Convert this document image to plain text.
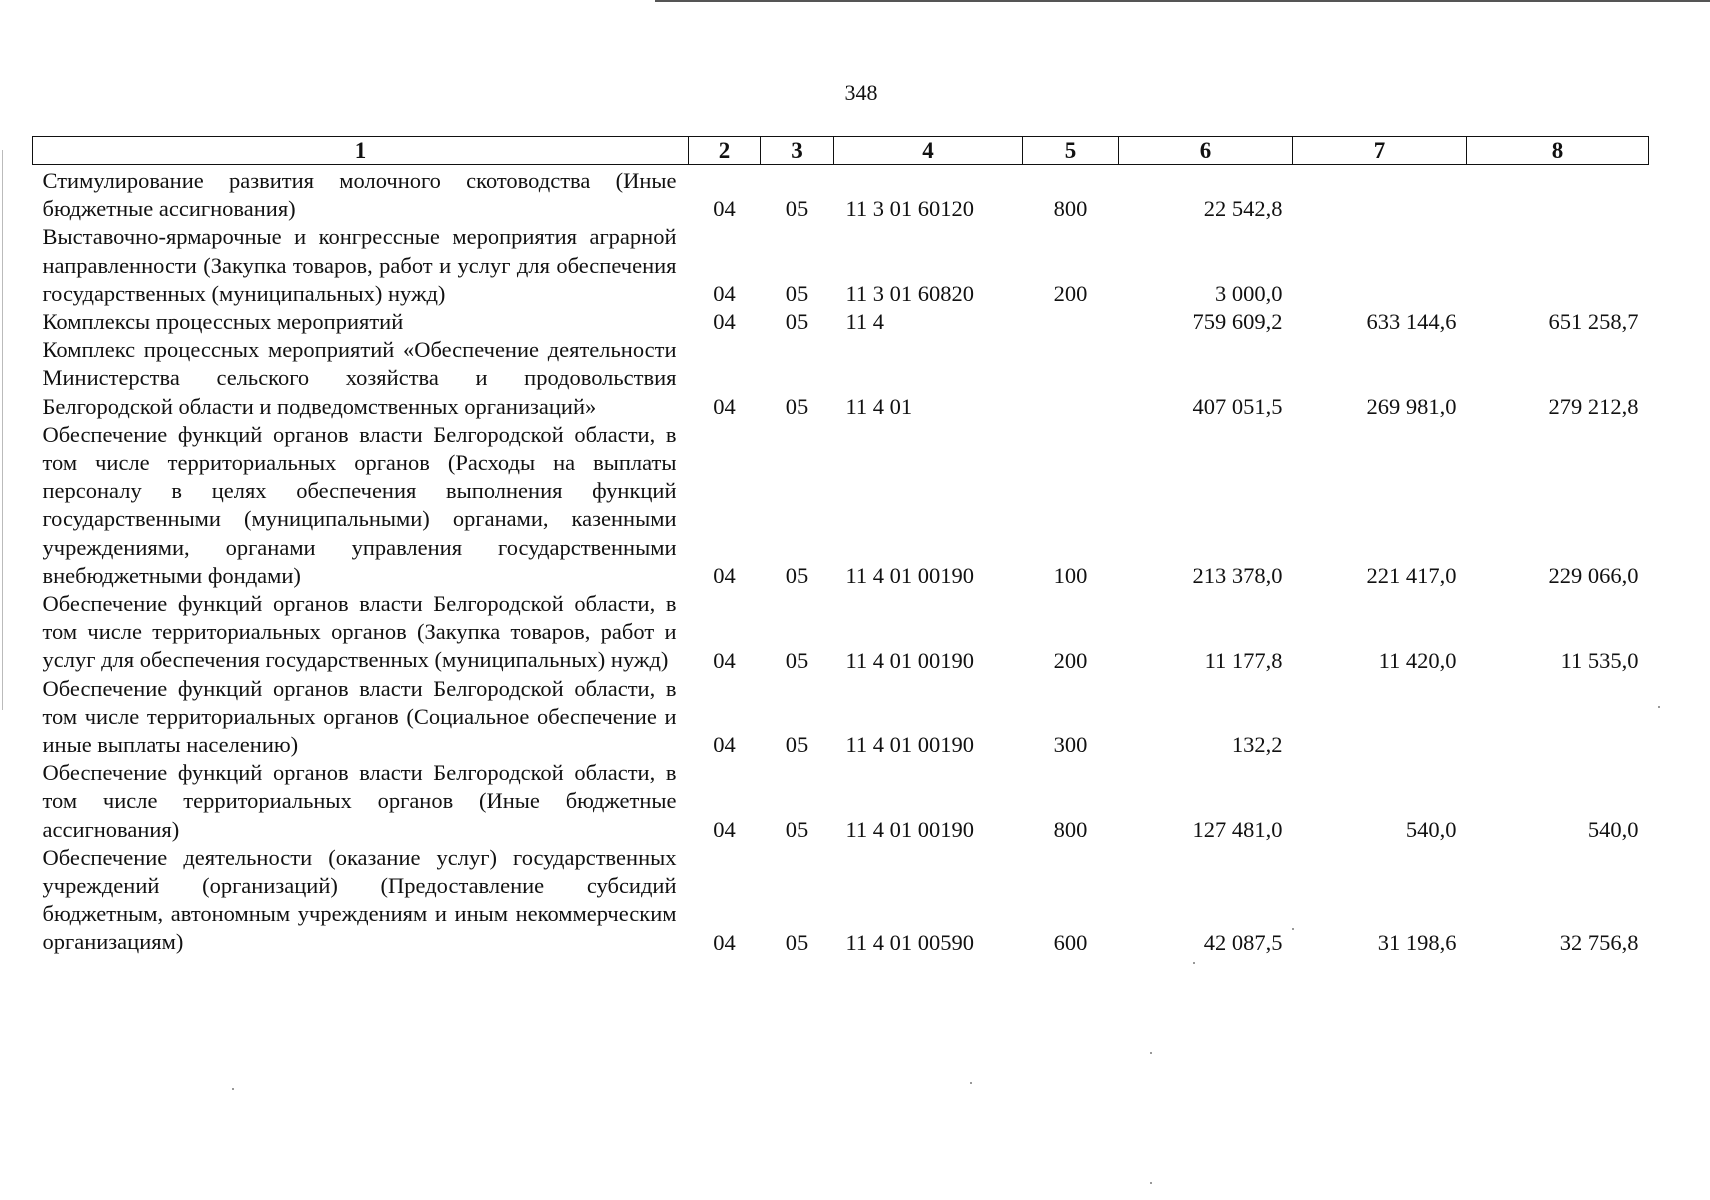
348
1	2	3	4	5	6	7	8
Стимулирование развития молочного скотоводства (Иные бюджетные ассигнования)	04	05	11 3 01 60120	800	22 542,8		
Выставочно-ярмарочные и конгрессные мероприятия аграрной направленности (Закупка товаров, работ и услуг для обеспечения государственных (муниципальных) нужд)	04	05	11 3 01 60820	200	3 000,0		
Комплексы процессных мероприятий	04	05	11 4		759 609,2	633 144,6	651 258,7
Комплекс процессных мероприятий «Обеспечение деятельности Министерства сельского хозяйства и продовольствия Белгородской области и подведомственных организаций»	04	05	11 4 01		407 051,5	269 981,0	279 212,8
Обеспечение функций органов власти Белгородской области, в том числе территориальных органов (Расходы на выплаты персоналу в целях обеспечения выполнения функций государственными (муниципальными) органами, казенными учреждениями, органами управления государственными внебюджетными фондами)	04	05	11 4 01 00190	100	213 378,0	221 417,0	229 066,0
Обеспечение функций органов власти Белгородской области, в том числе территориальных органов (Закупка товаров, работ и услуг для обеспечения государственных (муниципальных) нужд)	04	05	11 4 01 00190	200	11 177,8	11 420,0	11 535,0
Обеспечение функций органов власти Белгородской области, в том числе территориальных органов (Социальное обеспечение и иные выплаты населению)	04	05	11 4 01 00190	300	132,2		
Обеспечение функций органов власти Белгородской области, в том числе территориальных органов (Иные бюджетные ассигнования)	04	05	11 4 01 00190	800	127 481,0	540,0	540,0
Обеспечение деятельности (оказание услуг) государственных учреждений (организаций) (Предоставление субсидий бюджетным, автономным учреждениям и иным некоммерческим организациям)	04	05	11 4 01 00590	600	42 087,5	31 198,6	32 756,8
